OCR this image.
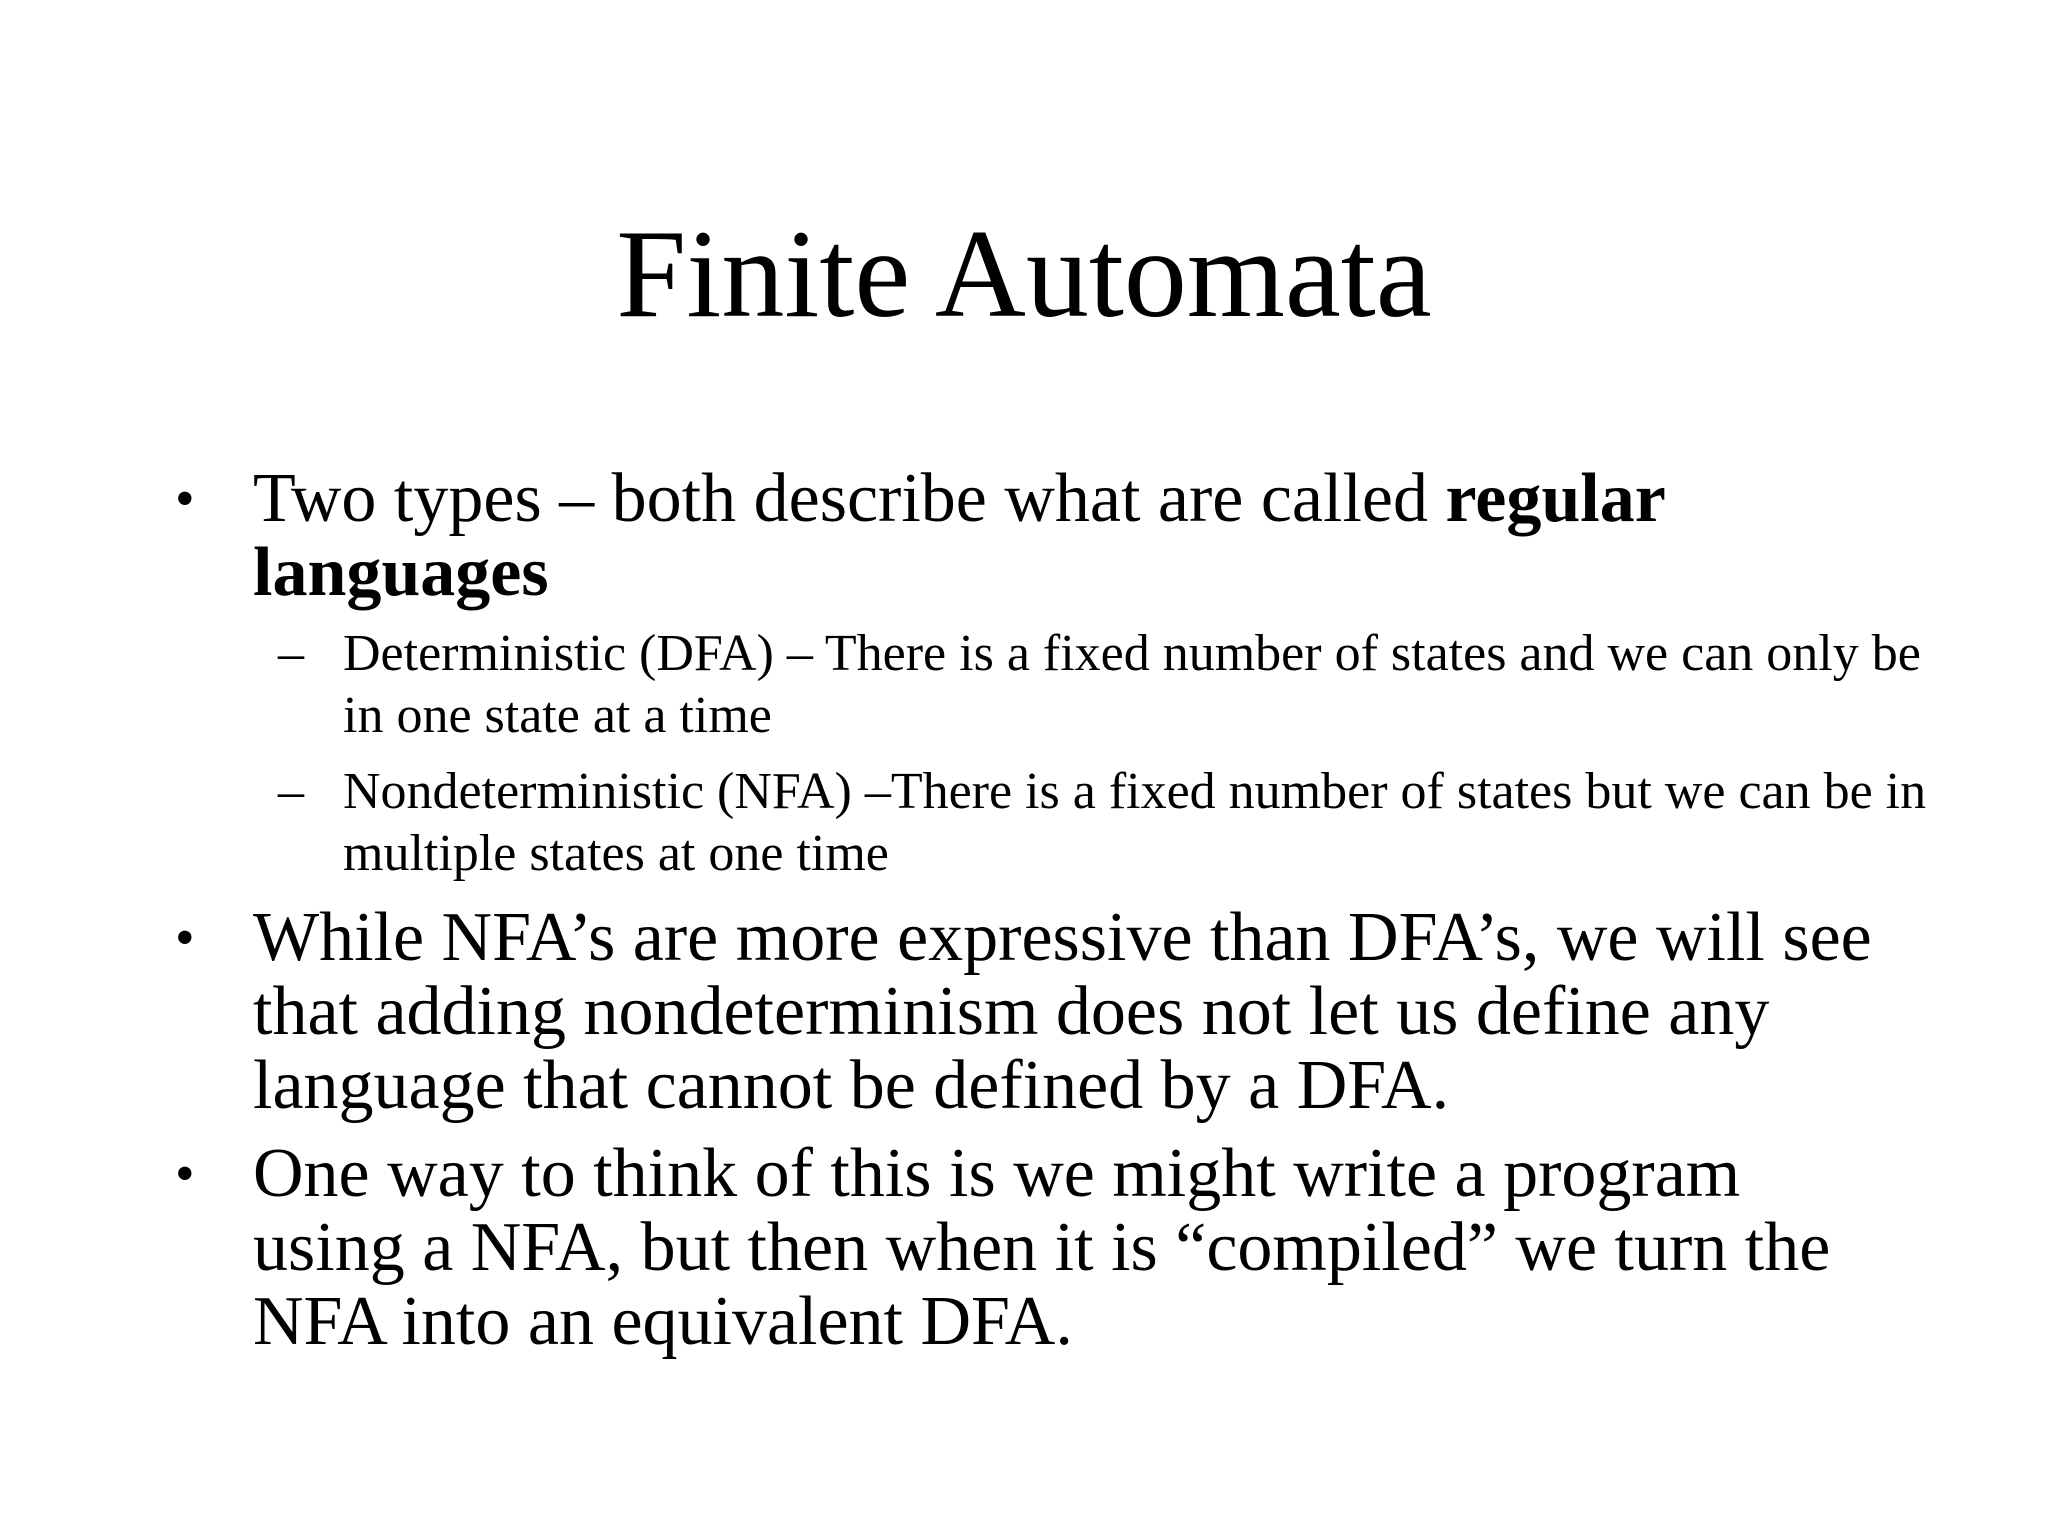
Finite Automata
• Two types – both describe what are called regular languages
– Deterministic (DFA) – There is a fixed number of states and we can only be in one state at a time
– Nondeterministic (NFA) –There is a fixed number of states but we can be in multiple states at one time
• While NFA’s are more expressive than DFA’s, we will see that adding nondeterminism does not let us define any language that cannot be defined by a DFA.
• One way to think of this is we might write a program using a NFA, but then when it is “compiled” we turn the NFA into an equivalent DFA.
